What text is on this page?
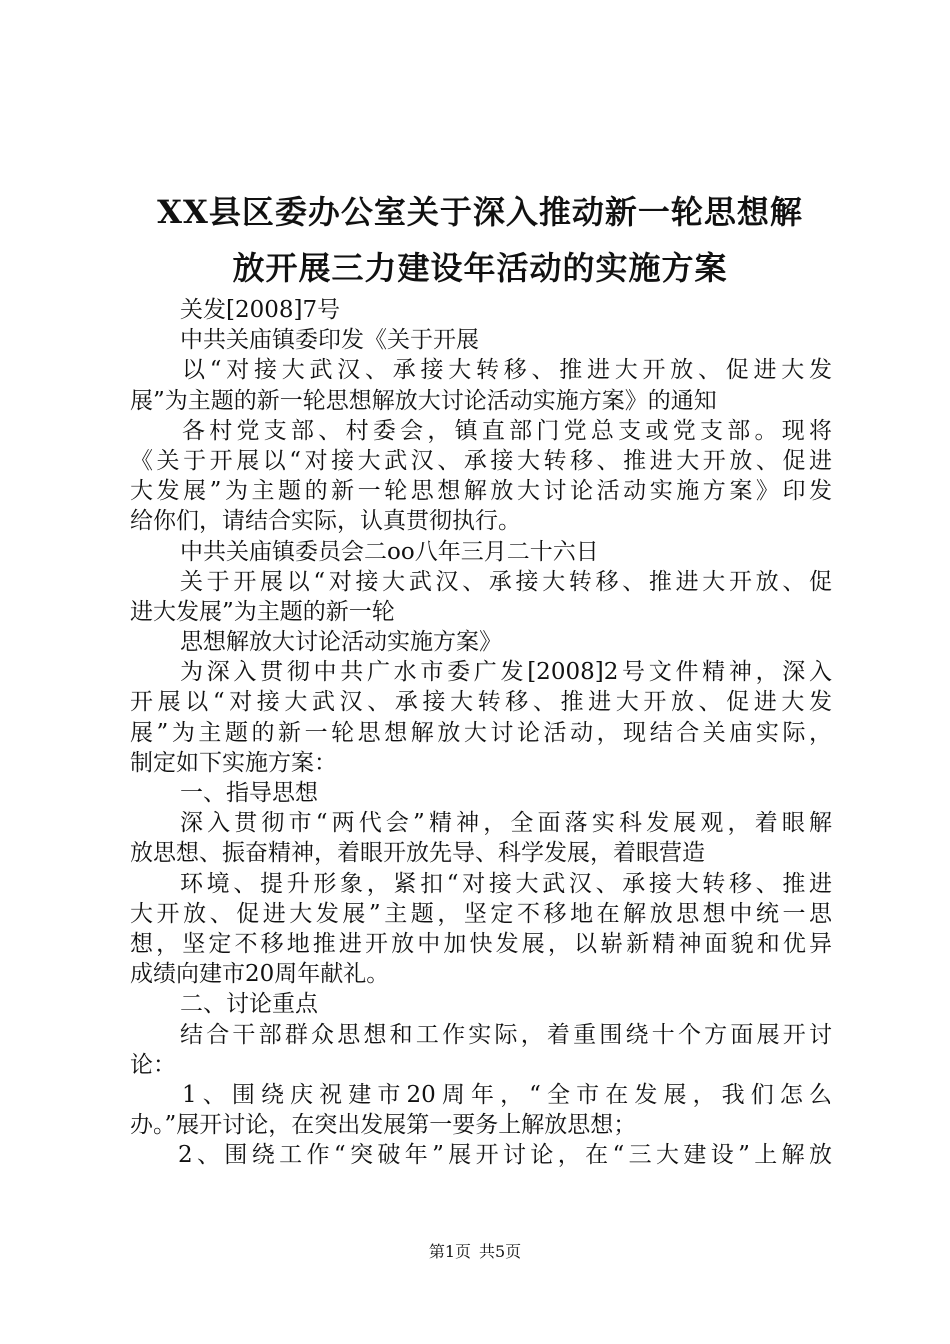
XX县区委办公室关于深入推动新一轮思想解
放开展三力建设年活动的实施方案
关发[2008]7号
中共关庙镇委印发《关于开展
以“对接大武汉、承接大转移、推进大开放、促进大发
展”为主题的新一轮思想解放大讨论活动实施方案》的通知
各村党支部、村委会，镇直部门党总支或党支部。现将
《关于开展以“对接大武汉、承接大转移、推进大开放、促进
大发展”为主题的新一轮思想解放大讨论活动实施方案》印发
给你们，请结合实际，认真贯彻执行。
中共关庙镇委员会二oo八年三月二十六日
关于开展以“对接大武汉、承接大转移、推进大开放、促
进大发展”为主题的新一轮
思想解放大讨论活动实施方案》
为深入贯彻中共广水市委广发[2008]2号文件精神，深入
开展以“对接大武汉、承接大转移、推进大开放、促进大发
展”为主题的新一轮思想解放大讨论活动，现结合关庙实际，
制定如下实施方案：
一、指导思想
深入贯彻市“两代会”精神，全面落实科发展观，着眼解
放思想、振奋精神，着眼开放先导、科学发展，着眼营造
环境、提升形象，紧扣“对接大武汉、承接大转移、推进
大开放、促进大发展”主题，坚定不移地在解放思想中统一思
想，坚定不移地推进开放中加快发展，以崭新精神面貌和优异
成绩向建市20周年献礼。
二、讨论重点
结合干部群众思想和工作实际，着重围绕十个方面展开讨
论：
1、围绕庆祝建市20周年，“全市在发展，我们怎么
办。”展开讨论，在突出发展第一要务上解放思想；
2、围绕工作“突破年”展开讨论，在“三大建设”上解放
第1页 共5页
